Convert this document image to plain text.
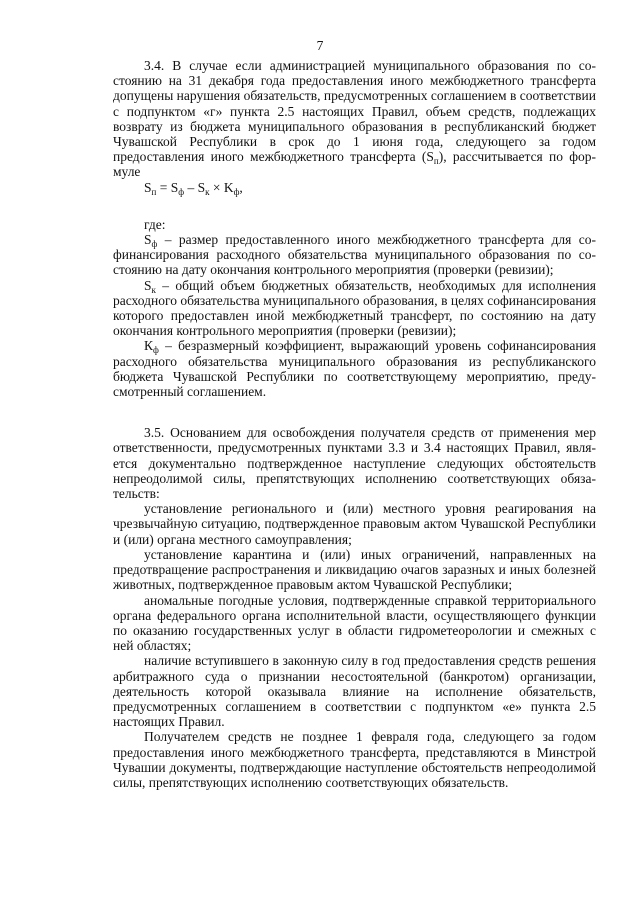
7

3.4. В случае если администрацией муниципального образования по состоянию на 31 декабря года предоставления иного межбюджетного трансферта допущены нарушения обязательств, предусмотренных соглашением в соответствии с подпунктом «г» пункта 2.5 настоящих Правил, объем средств, подлежащих возврату из бюджета муниципального образования в республиканский бюджет Чувашской Республики в срок до 1 июня года, следующего за годом предоставления иного межбюджетного трансферта $(S_п)$, рассчитывается по формуле

$S_п = S_ф - S_к \times K_ф$,

где:

$S_ф$ – размер предоставленного иного межбюджетного трансферта для софинансирования расходного обязательства муниципального образования по состоянию на дату окончания контрольного мероприятия (проверки (ревизии);

$S_к$ – общий объем бюджетных обязательств, необходимых для исполнения расходного обязательства муниципального образования, в целях софинансирования которого предоставлен иной межбюджетный трансферт, по состоянию на дату окончания контрольного мероприятия (проверки (ревизии);

$К_ф$ – безразмерный коэффициент, выражающий уровень софинансирования расходного обязательства муниципального образования из республиканского бюджета Чувашской Республики по соответствующему мероприятию, предусмотренный соглашением.

3.5. Основанием для освобождения получателя средств от применения мер ответственности, предусмотренных пунктами 3.3 и 3.4 настоящих Правил, является документально подтвержденное наступление следующих обстоятельств непреодолимой силы, препятствующих исполнению соответствующих обязательств:

установление регионального и (или) местного уровня реагирования на чрезвычайную ситуацию, подтвержденное правовым актом Чувашской Республики и (или) органа местного самоуправления;

установление карантина и (или) иных ограничений, направленных на предотвращение распространения и ликвидацию очагов заразных и иных болезней животных, подтвержденное правовым актом Чувашской Республики;

аномальные погодные условия, подтвержденные справкой территориального органа федерального органа исполнительной власти, осуществляющего функции по оказанию государственных услуг в области гидрометеорологии и смежных с ней областях;

наличие вступившего в законную силу в год предоставления средств решения арбитражного суда о признании несостоятельной (банкротом) организации, деятельность которой оказывала влияние на исполнение обязательств, предусмотренных соглашением в соответствии с подпунктом «е» пункта 2.5 настоящих Правил.

Получателем средств не позднее 1 февраля года, следующего за годом предоставления иного межбюджетного трансферта, представляются в Минстрой Чувашии документы, подтверждающие наступление обстоятельств непреодолимой силы, препятствующих исполнению соответствующих обязательств.
